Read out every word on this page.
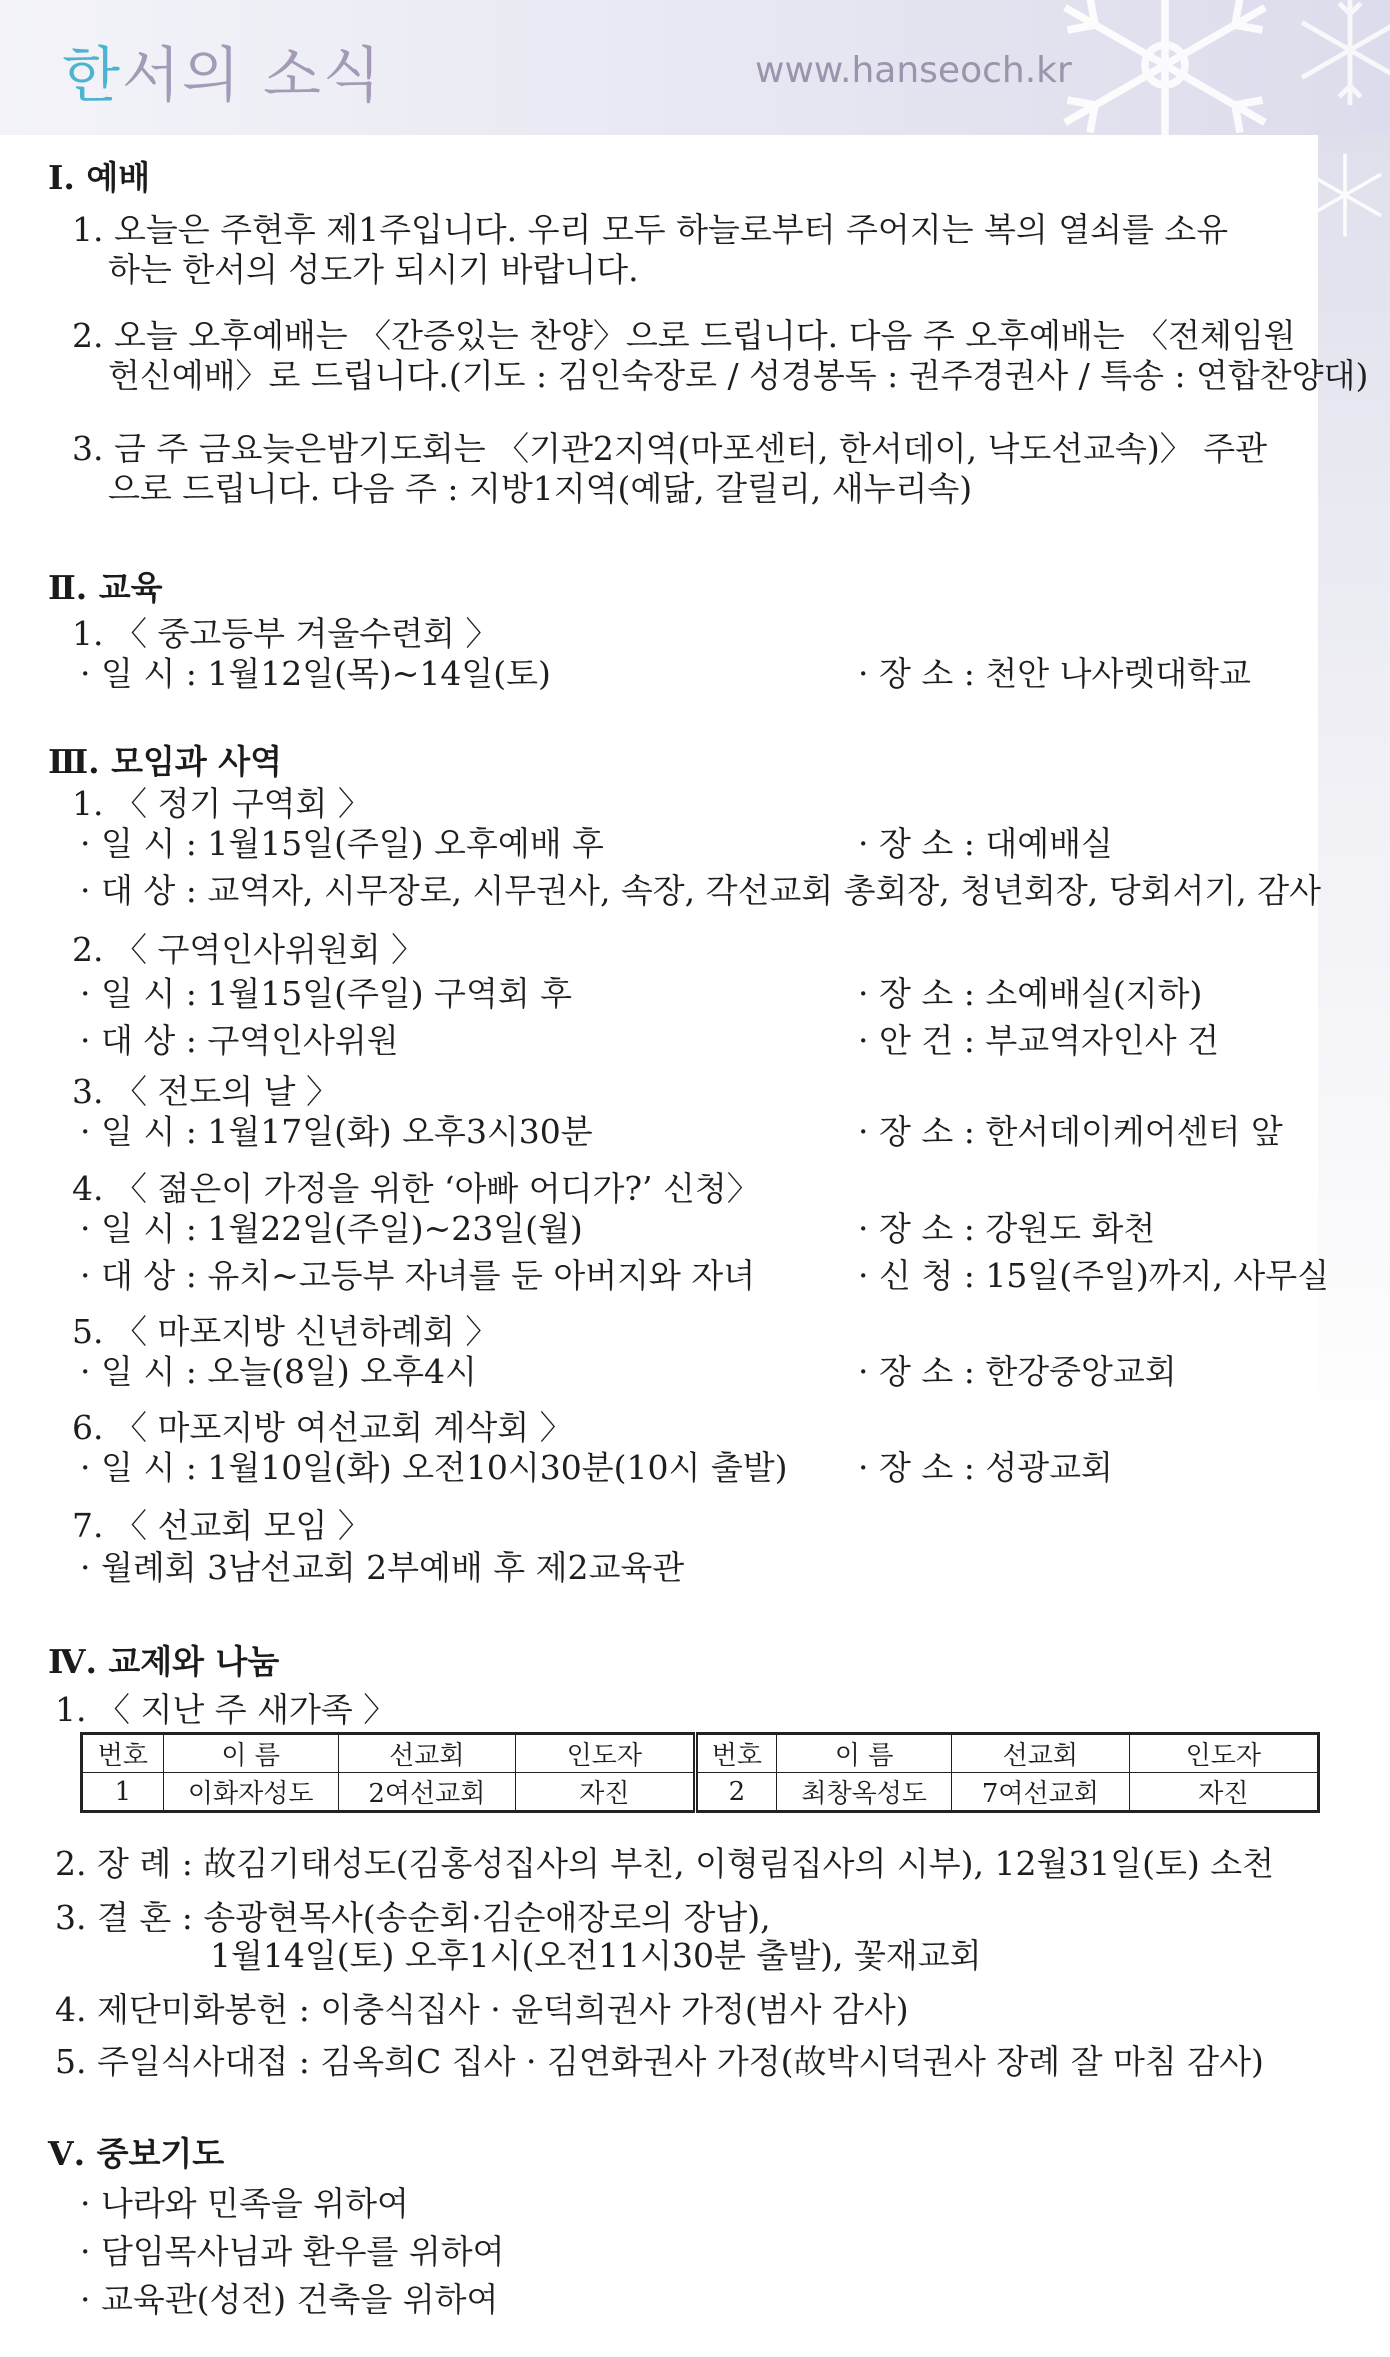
한서의 소식	www.hanseoch.kr
Ⅰ. 예배
1. 오늘은 주현후 제1주입니다. 우리 모두 하늘로부터 주어지는 복의 열쇠를 소유
하는 한서의 성도가 되시기 바랍니다.
2. 오늘 오후예배는 〈간증있는 찬양〉으로 드립니다. 다음 주 오후예배는 〈전체임원
헌신예배〉로 드립니다.(기도 : 김인숙장로 / 성경봉독 : 권주경권사 / 특송 : 연합찬양대)
3. 금 주 금요늦은밤기도회는 〈기관2지역(마포센터, 한서데이, 낙도선교속)〉 주관
으로 드립니다. 다음 주 : 지방1지역(예닮, 갈릴리, 새누리속)
Ⅱ. 교육
1. 〈 중고등부 겨울수련회 〉
· 일 시 : 1월12일(목)~14일(토)	· 장 소 : 천안 나사렛대학교
Ⅲ. 모임과 사역
1. 〈 정기 구역회 〉
· 일 시 : 1월15일(주일) 오후예배 후	· 장 소 : 대예배실
· 대 상 : 교역자, 시무장로, 시무권사, 속장, 각선교회 총회장, 청년회장, 당회서기, 감사
2. 〈 구역인사위원회 〉
· 일 시 : 1월15일(주일) 구역회 후	· 장 소 : 소예배실(지하)
· 대 상 : 구역인사위원	· 안 건 : 부교역자인사 건
3. 〈 전도의 날 〉
· 일 시 : 1월17일(화) 오후3시30분	· 장 소 : 한서데이케어센터 앞
4. 〈 젊은이 가정을 위한 ‘아빠 어디가?’ 신청〉
· 일 시 : 1월22일(주일)~23일(월)	· 장 소 : 강원도 화천
· 대 상 : 유치~고등부 자녀를 둔 아버지와 자녀	· 신 청 : 15일(주일)까지, 사무실
5. 〈 마포지방 신년하례회 〉
· 일 시 : 오늘(8일) 오후4시	· 장 소 : 한강중앙교회
6. 〈 마포지방 여선교회 계삭회 〉
· 일 시 : 1월10일(화) 오전10시30분(10시 출발) · 장 소 : 성광교회
7. 〈 선교회 모임 〉
· 월례회 3남선교회 2부예배 후 제2교육관
Ⅳ. 교제와 나눔
1. 〈 지난 주 새가족 〉
번호	이 름	선교회	인도자	번호	이 름	선교회	인도자
1	이화자성도	2여선교회	자진	2	최창옥성도	7여선교회	자진
2. 장 례 : 故김기태성도(김홍성집사의 부친, 이형림집사의 시부), 12월31일(토) 소천
3. 결 혼 : 송광현목사(송순회·김순애장로의 장남),
1월14일(토) 오후1시(오전11시30분 출발), 꽃재교회
4. 제단미화봉헌 : 이충식집사 · 윤덕희권사 가정(범사 감사)
5. 주일식사대접 : 김옥희C 집사 · 김연화권사 가정(故박시덕권사 장례 잘 마침 감사)
Ⅴ. 중보기도
· 나라와 민족을 위하여
· 담임목사님과 환우를 위하여
· 교육관(성전) 건축을 위하여
